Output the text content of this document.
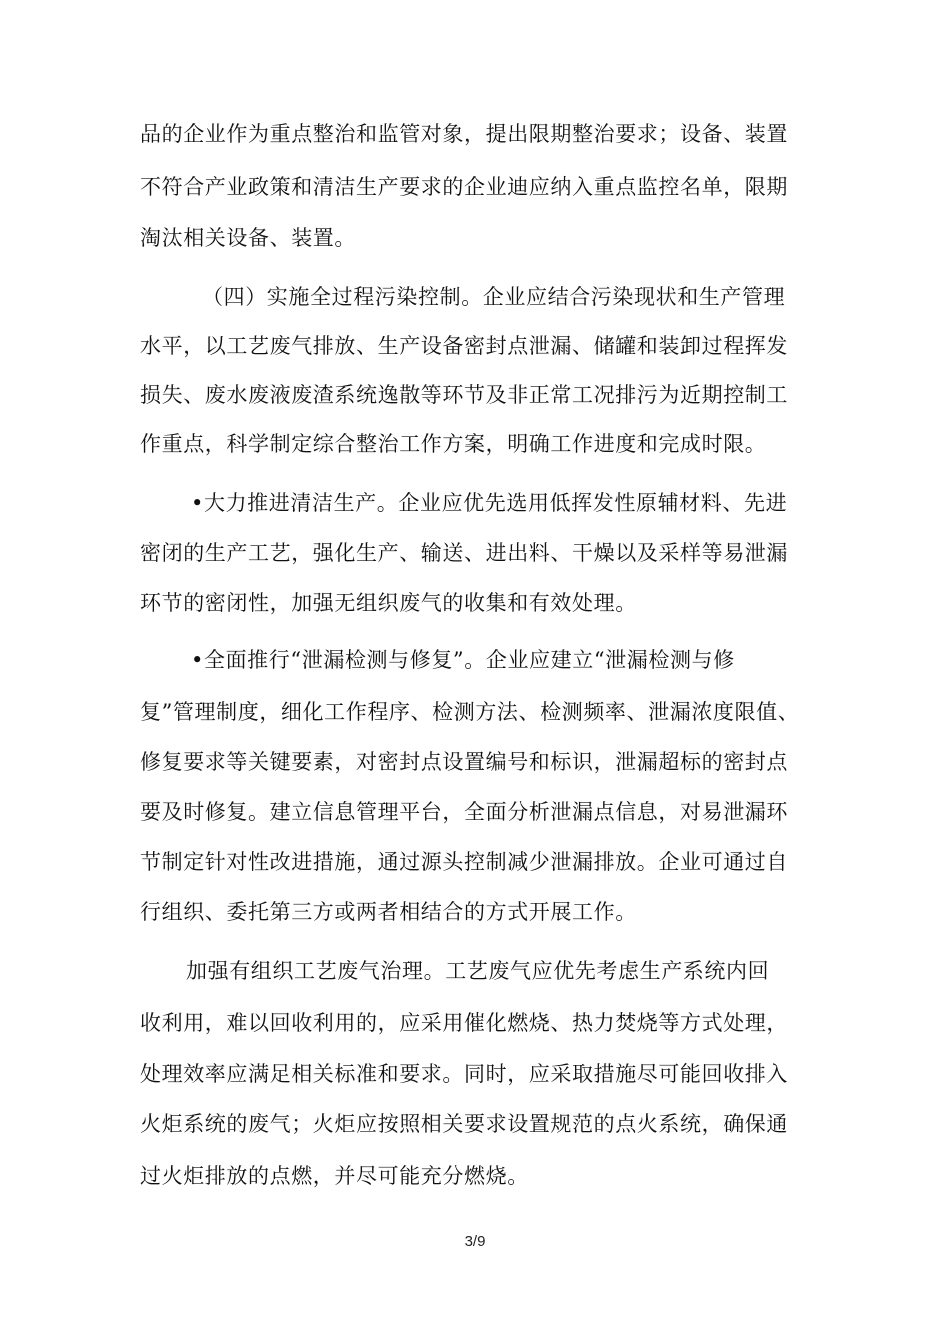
品的企业作为重点整治和监管对象，提出限期整治要求；设备、装置
不符合产业政策和清洁生产要求的企业迪应纳入重点监控名单，限期
淘汰相关设备、装置。
（四）实施全过程污染控制。企业应结合污染现状和生产管理
水平，以工艺废气排放、生产设备密封点泄漏、储罐和装卸过程挥发
损失、废水废液废渣系统逸散等环节及非正常工况排污为近期控制工
作重点，科学制定综合整治工作方案，明确工作进度和完成时限。
•大力推进清洁生产。企业应优先选用低挥发性原辅材料、先进
密闭的生产工艺，强化生产、输送、进出料、干燥以及采样等易泄漏
环节的密闭性，加强无组织废气的收集和有效处理。
•全面推行“泄漏检测与修复”。企业应建立“泄漏检测与修
复”管理制度，细化工作程序、检测方法、检测频率、泄漏浓度限值、
修复要求等关键要素，对密封点设置编号和标识，泄漏超标的密封点
要及时修复。建立信息管理平台，全面分析泄漏点信息，对易泄漏环
节制定针对性改进措施，通过源头控制减少泄漏排放。企业可通过自
行组织、委托第三方或两者相结合的方式开展工作。
加强有组织工艺废气治理。工艺废气应优先考虑生产系统内回
收利用，难以回收利用的，应采用催化燃烧、热力焚烧等方式处理，
处理效率应满足相关标准和要求。同时，应采取措施尽可能回收排入
火炬系统的废气；火炬应按照相关要求设置规范的点火系统，确保通
过火炬排放的点燃，并尽可能充分燃烧。
3/9
